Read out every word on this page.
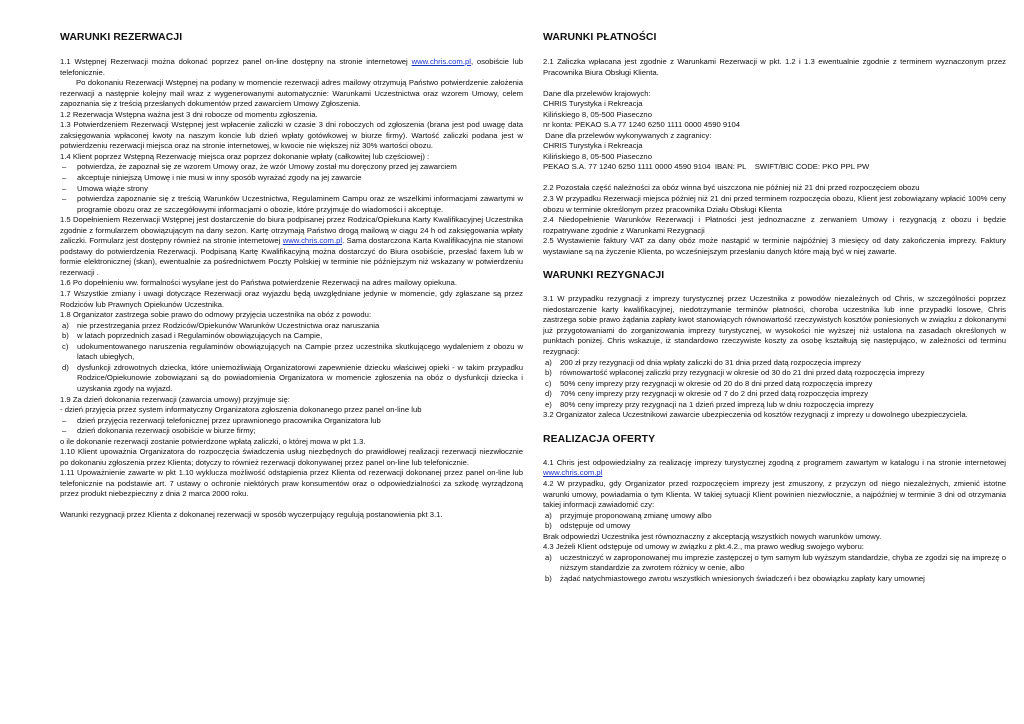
WARUNKI REZERWACJI

1.1 Wstępnej Rezerwacji można dokonać poprzez panel on-line dostępny na stronie internetowej www.chris.com.pl, osobiście lub telefonicznie.

Po dokonaniu Rezerwacji Wstępnej na podany w momencie rezerwacji adres mailowy otrzymują Państwo potwierdzenie założenia rezerwacji a następnie kolejny mail wraz z wygenerowanymi automatycznie: Warunkami Uczestnictwa oraz wzorem Umowy, celem zapoznania się z treścią przesłanych dokumentów przed zawarciem Umowy Zgłoszenia.

1.2 Rezerwacja Wstępna ważna jest 3 dni robocze od momentu zgłoszenia.

1.3 Potwierdzeniem Rezerwacji Wstępnej jest wpłacenie zaliczki w czasie 3 dni roboczych od zgłoszenia (brana jest pod uwagę data zaksięgowania wpłaconej kwoty na naszym koncie lub dzień wpłaty gotówkowej w biurze firmy). Wartość zaliczki podana jest w potwierdzeniu rezerwacji miejsca oraz na stronie internetowej, w kwocie nie większej niż 30% wartości obozu.

1.4 Klient poprzez Wstępną Rezerwację miejsca oraz poprzez dokonanie wpłaty (całkowitej lub częściowej) :

–	potwierdza, że zapoznał się ze wzorem Umowy oraz, że wzór Umowy został mu doręczony przed jej zawarciem
–	akceptuje niniejszą Umowę i nie musi w inny sposób wyrażać zgody na jej zawarcie
–	Umowa wiąże strony
–	potwierdza zapoznanie się z treścią Warunków Uczestnictwa, Regulaminem Campu oraz ze wszelkimi informacjami zawartymi w programie obozu oraz ze szczegółowymi informacjami o obozie, które przyjmuje do wiadomości i akceptuje.

1.5 Dopełnieniem Rezerwacji Wstępnej jest dostarczenie do biura podpisanej przez Rodzica/Opiekuna Karty Kwalifikacyjnej Uczestnika zgodnie z formularzem obowiązującym na dany sezon. Kartę otrzymają Państwo drogą mailową w ciągu 24 h od zaksięgowania wpłaty zaliczki. Formularz jest dostępny również na stronie internetowej www.chris.com.pl. Sama dostarczona Karta Kwalifikacyjna nie stanowi podstawy do potwierdzenia Rezerwacji. Podpisaną Kartę Kwalifikacyjną można dostarczyć do Biura osobiście, przesłać faxem lub w formie elektronicznej (skan), ewentualnie za pośrednictwem Poczty Polskiej w terminie nie późniejszym niż wskazany w potwierdzeniu rezerwacji .

1.6 Po dopełnieniu ww. formalności wysyłane jest do Państwa potwierdzenie Rezerwacji na adres mailowy opiekuna.

1.7 Wszystkie zmiany i uwagi dotyczące Rezerwacji oraz wyjazdu będą uwzględniane jedynie w momencie, gdy zgłaszane są przez Rodziców lub Prawnych Opiekunów Uczestnika.

1.8 Organizator zastrzega sobie prawo do odmowy przyjęcia uczestnika na obóz z powodu:

a)	nie przestrzegania przez Rodziców/Opiekunów Warunków Uczestnictwa oraz naruszania
b)	w latach poprzednich zasad i Regulaminów obowiązujących na Campie,
c)	udokumentowanego naruszenia regulaminów obowiązujących na Campie przez uczestnika skutkującego wydaleniem z obozu w latach ubiegłych,
d)	dysfunkcji zdrowotnych dziecka, które uniemożliwiają Organizatorowi zapewnienie dziecku właściwej opieki - w takim przypadku Rodzice/Opiekunowie zobowiązani są do powiadomienia Organizatora w momencie zgłoszenia na obóz o dysfunkcji dziecka i uzyskania zgody na wyjazd.

1.9 Za dzień dokonania rezerwacji (zawarcia umowy) przyjmuje się:

- dzień przyjęcia przez system informatyczny Organizatora zgłoszenia dokonanego przez panel on-line lub

–	dzień przyjęcia rezerwacji telefonicznej przez uprawnionego pracownika Organizatora lub
–	dzień dokonania rezerwacji osobiście w biurze firmy;

o ile dokonanie rezerwacji zostanie potwierdzone wpłatą zaliczki, o której mowa w pkt 1.3.

1.10 Klient upoważnia Organizatora do rozpoczęcia świadczenia usług niezbędnych do prawidłowej realizacji rezerwacji niezwłocznie po dokonaniu zgłoszenia przez Klienta; dotyczy to również rezerwacji dokonywanej przez panel on-line lub telefonicznie.

1.11 Upoważnienie zawarte w pkt 1.10 wyklucza możliwość odstąpienia przez Klienta od rezerwacji dokonanej przez panel on-line lub telefonicznie na podstawie art. 7 ustawy o ochronie niektórych praw konsumentów oraz o odpowiedzialności za szkodę wyrządzoną przez produkt niebezpieczny z dnia 2 marca 2000 roku.

Warunki rezygnacji przez Klienta z dokonanej rezerwacji w sposób wyczerpujący regulują postanowienia pkt 3.1.

WARUNKI PŁATNOŚCI

2.1 Zaliczka wpłacana jest zgodnie z Warunkami Rezerwacji w pkt. 1.2 i 1.3 ewentualnie zgodnie z terminem wyznaczonym przez Pracownika Biura Obsługi Klienta.

Dane dla przelewów krajowych:

CHRIS Turystyka i Rekreacja

Kilińskiego 8, 05-500 Piaseczno

nr konta: PEKAO S.A 77 1240 6250 1111 0000 4590 9104

Dane dla przelewów wykonywanych z zagranicy:

CHRIS Turystyka i Rekreacja

Kilińskiego 8, 05-500 Piaseczno

PEKAO S.A. 77 1240 6250 1111 0000 4590 9104  IBAN: PL    SWIFT/BIC CODE: PKO PPL PW

2.2 Pozostała część należności za obóz winna być uiszczona nie później niż 21 dni przed rozpoczęciem obozu

2.3 W przypadku Rezerwacji miejsca później niż 21 dni przed terminem rozpoczęcia obozu, Klient jest zobowiązany wpłacić 100% ceny obozu w terminie określonym przez pracownika Działu Obsługi Klienta

2.4 Niedopełnienie Warunków Rezerwacji i Płatności jest jednoznaczne z zerwaniem Umowy i rezygnacją z obozu i będzie rozpatrywane zgodnie z Warunkami Rezygnacji

2.5 Wystawienie faktury VAT za dany obóz może nastąpić w terminie najpóźniej 3 miesięcy od daty zakończenia imprezy. Faktury wystawiane są na życzenie Klienta, po wcześniejszym przesłaniu danych które mają być w niej zawarte.

WARUNKI REZYGNACJI

3.1 W przypadku rezygnacji z imprezy turystycznej przez Uczestnika z powodów niezależnych od Chris, w szczególności poprzez niedostarczenie karty kwalifikacyjnej, niedotrzymanie terminów płatności, choroba uczestnika lub inne przypadki losowe, Chris zastrzega sobie prawo żądania zapłaty kwot stanowiących równowartość rzeczywistych kosztów poniesionych w związku z dokonanymi już przygotowaniami do zorganizowania imprezy turystycznej, w wysokości nie wyższej niż ustalona na zasadach określonych w punktach poniżej. Chris wskazuje, iż standardowo rzeczywiste koszty za osobę kształtują się następująco, w zależności od terminu rezygnacji:

a)	200 zł przy rezygnacji od dnia wpłaty zaliczki do 31 dnia przed datą rozpoczęcia imprezy
b)	równowartość wpłaconej zaliczki przy rezygnacji w okresie od 30 do 21 dni przed datą rozpoczęcia imprezy
c)	50% ceny imprezy przy rezygnacji w okresie od 20 do 8 dni przed datą rozpoczęcia imprezy
d)	70% ceny imprezy przy rezygnacji w okresie od 7 do 2 dni przed datą rozpoczęcia imprezy
e)	80% ceny imprezy przy rezygnacji na 1 dzień przed imprezą lub w dniu rozpoczęcia imprezy

3.2 Organizator zaleca Uczestnikowi zawarcie ubezpieczenia od kosztów rezygnacji z imprezy u dowolnego ubezpieczyciela.

REALIZACJA OFERTY

4.1 Chris jest odpowiedzialny za realizację imprezy turystycznej zgodną z programem zawartym w katalogu i na stronie internetowej www.chris.com.pl

4.2 W przypadku, gdy Organizator przed rozpoczęciem imprezy jest zmuszony, z przyczyn od niego niezależnych, zmienić istotne warunki umowy, powiadamia o tym Klienta. W takiej sytuacji Klient powinien niezwłocznie, a najpóźniej w terminie 3 dni od otrzymania takiej informacji zawiadomić czy:

a)	przyjmuje proponowaną zmianę umowy albo
b)	odstępuje od umowy

Brak odpowiedzi Uczestnika jest równoznaczny z akceptacją wszystkich nowych warunków umowy.

4.3 Jeżeli Klient odstępuje od umowy w związku z pkt.4.2., ma prawo według swojego wyboru:

a)	uczestniczyć w zaproponowanej mu imprezie zastępczej o tym samym lub wyższym standardzie, chyba ze zgodzi się na imprezę o niższym standardzie za zwrotem różnicy w cenie, albo
b)	żądać natychmiastowego zwrotu wszystkich wniesionych świadczeń i bez obowiązku zapłaty kary umownej
